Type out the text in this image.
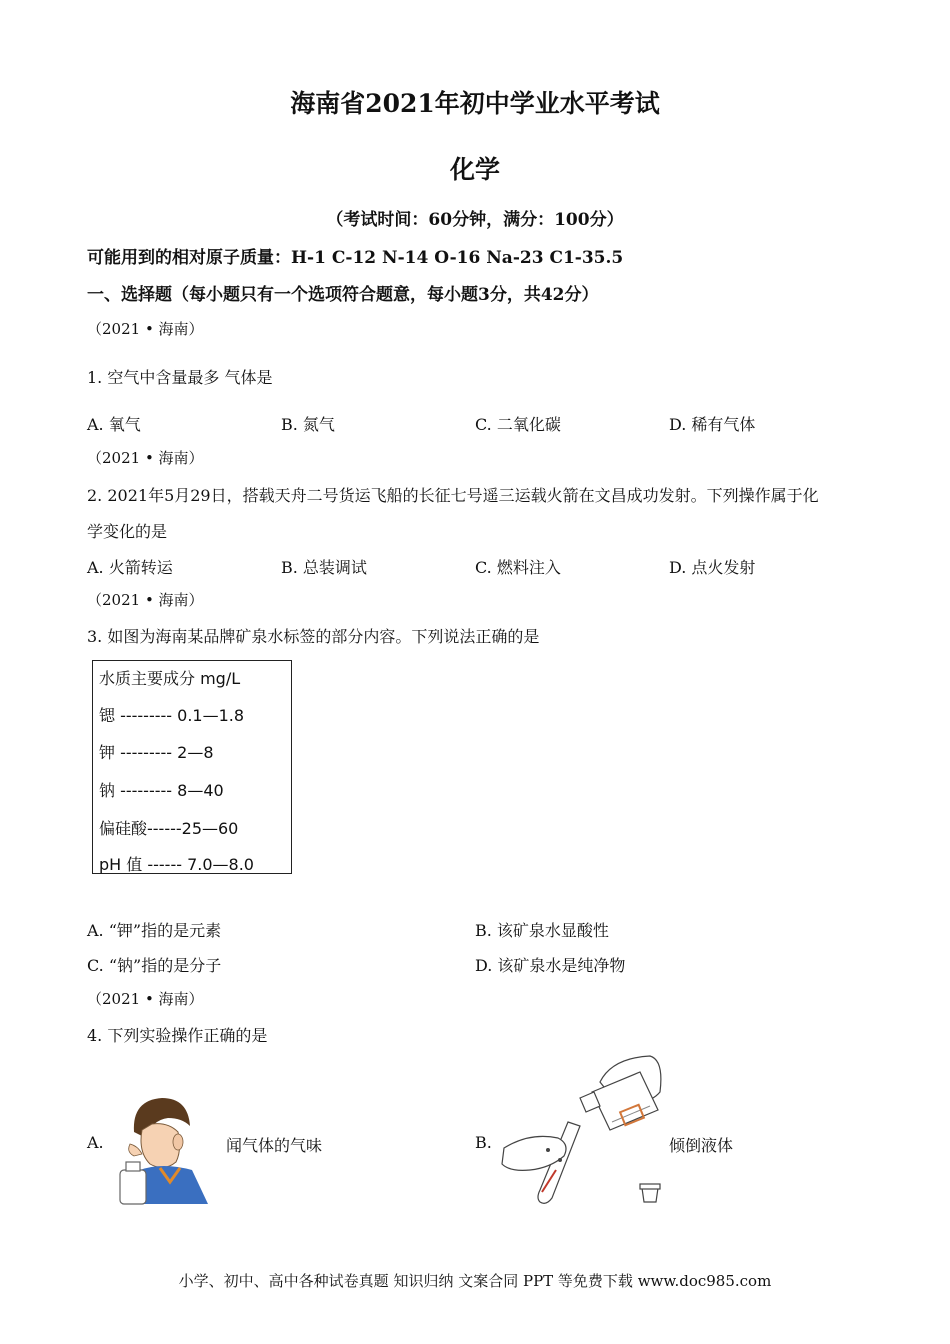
海南省2021年初中学业水平考试
化学
（考试时间：60分钟，满分：100分）
可能用到的相对原子质量：H-1 C-12 N-14 O-16 Na-23 C1-35.5
一、选择题（每小题只有一个选项符合题意，每小题3分，共42分）
（2021 • 海南）
1. 空气中含量最多 气体是
A. 氧气	B. 氮气	C. 二氧化碳	D. 稀有气体
（2021 • 海南）
2. 2021年5月29日，搭载天舟二号货运飞船的长征七号遥三运载火箭在文昌成功发射。下列操作属于化
学变化的是
A. 火箭转运	B. 总装调试	C. 燃料注入	D. 点火发射
（2021 • 海南）
3. 如图为海南某品牌矿泉水标签的部分内容。下列说法正确的是
水质主要成分 mg/L
锶 --------- 0.1—1.8
钾 --------- 2—8
钠 --------- 8—40
偏硅酸------25—60
pH 值 ------ 7.0—8.0
A. “钾”指的是元素	B. 该矿泉水显酸性
C. “钠”指的是分子	D. 该矿泉水是纯净物
（2021 • 海南）
4. 下列实验操作正确的是
A.	闻气体的气味	B.	倾倒液体
小学、初中、高中各种试卷真题 知识归纳 文案合同 PPT 等免费下载 www.doc985.com
